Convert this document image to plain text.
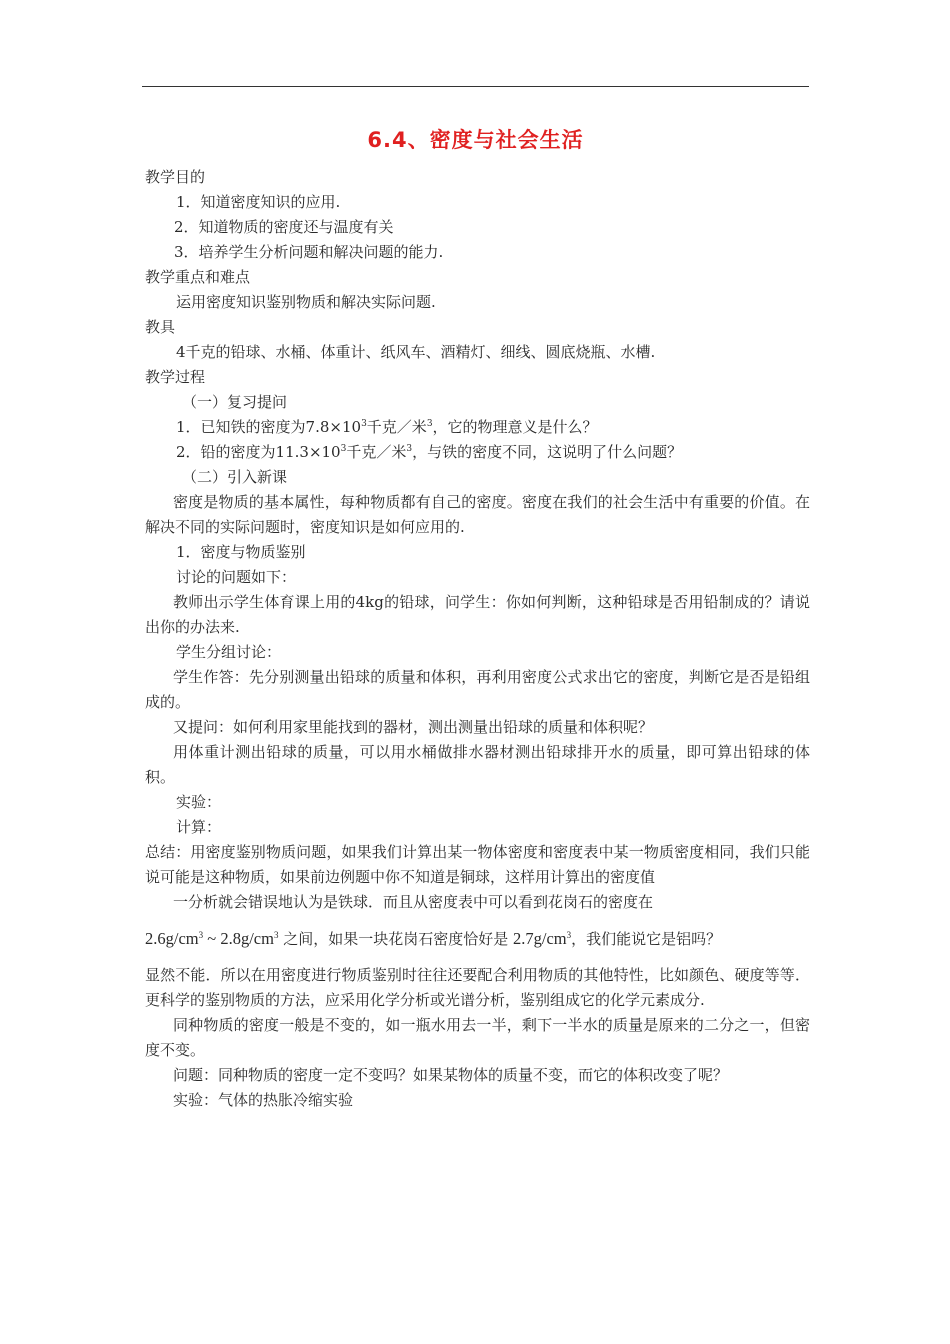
6.4、密度与社会生活
教学目的
1．知道密度知识的应用.
2．知道物质的密度还与温度有关
3．培养学生分析问题和解决问题的能力.
教学重点和难点
运用密度知识鉴别物质和解决实际问题.
教具
4千克的铅球、水桶、体重计、纸风车、酒精灯、细线、圆底烧瓶、水槽.
教学过程
（一）复习提问
1．已知铁的密度为$7.8\times 10^3$千克／米$^3$，它的物理意义是什么？
2．铅的密度为$11.3\times 10^3$千克／米$^3$，与铁的密度不同，这说明了什么问题？
（二）引入新课
密度是物质的基本属性，每种物质都有自己的密度。密度在我们的社会生活中有重要的价值。在解决不同的实际问题时，密度知识是如何应用的.
1．密度与物质鉴别
讨论的问题如下：
教师出示学生体育课上用的4kg的铅球，问学生：你如何判断，这种铅球是否用铅制成的？请说出你的办法来.
学生分组讨论：
学生作答：先分别测量出铅球的质量和体积，再利用密度公式求出它的密度，判断它是否是铅组成的。
又提问：如何利用家里能找到的器材，测出测量出铅球的质量和体积呢？
用体重计测出铅球的质量，可以用水桶做排水器材测出铅球排开水的质量，即可算出铅球的体积。
实验：
计算：
总结：用密度鉴别物质问题，如果我们计算出某一物体密度和密度表中某一物质密度相同，我们只能说可能是这种物质，如果前边例题中你不知道是铜球，这样用计算出的密度值
一分析就会错误地认为是铁球．而且从密度表中可以看到花岗石的密度在
$2.6g/cm^3$ ~ $2.8g/cm^3$ 之间，如果一块花岗石密度恰好是 $2.7g/cm^3$，我们能说它是铝吗？
显然不能．所以在用密度进行物质鉴别时往往还要配合利用物质的其他特性，比如颜色、硬度等等．更科学的鉴别物质的方法，应采用化学分析或光谱分析，鉴别组成它的化学元素成分.
同种物质的密度一般是不变的，如一瓶水用去一半，剩下一半水的质量是原来的二分之一，但密度不变。
问题：同种物质的密度一定不变吗？如果某物体的质量不变，而它的体积改变了呢？
实验：气体的热胀冷缩实验
